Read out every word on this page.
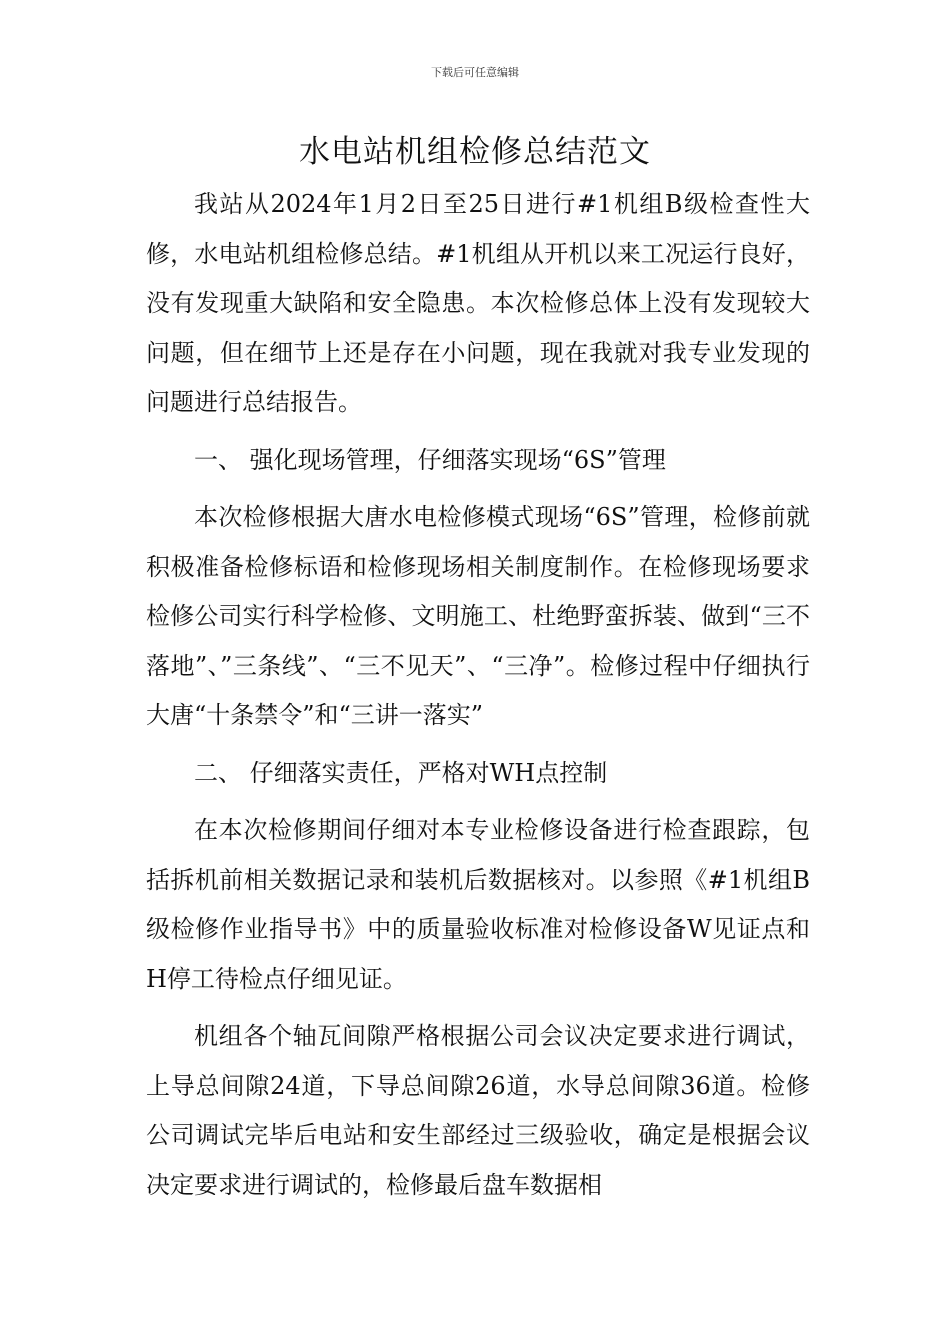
下载后可任意编辑
水电站机组检修总结范文

我站从2024年1月2日至25日进行#1机组B级检查性大修，水电站机组检修总结。#1机组从开机以来工况运行良好，没有发现重大缺陷和安全隐患。本次检修总体上没有发现较大问题，但在细节上还是存在小问题，现在我就对我专业发现的问题进行总结报告。

一、 强化现场管理，仔细落实现场“6S”管理

本次检修根据大唐水电检修模式现场“6S”管理，检修前就积极准备检修标语和检修现场相关制度制作。在检修现场要求检修公司实行科学检修、文明施工、杜绝野蛮拆装、做到“三不落地”、”三条线”、“三不见天”、“三净”。检修过程中仔细执行大唐“十条禁令”和“三讲一落实”

二、 仔细落实责任，严格对WH点控制

在本次检修期间仔细对本专业检修设备进行检查跟踪，包括拆机前相关数据记录和装机后数据核对。以参照《#1机组B级检修作业指导书》中的质量验收标准对检修设备W见证点和H停工待检点仔细见证。

机组各个轴瓦间隙严格根据公司会议决定要求进行调试，上导总间隙24道，下导总间隙26道，水导总间隙36道。检修公司调试完毕后电站和安生部经过三级验收，确定是根据会议决定要求进行调试的，检修最后盘车数据相
